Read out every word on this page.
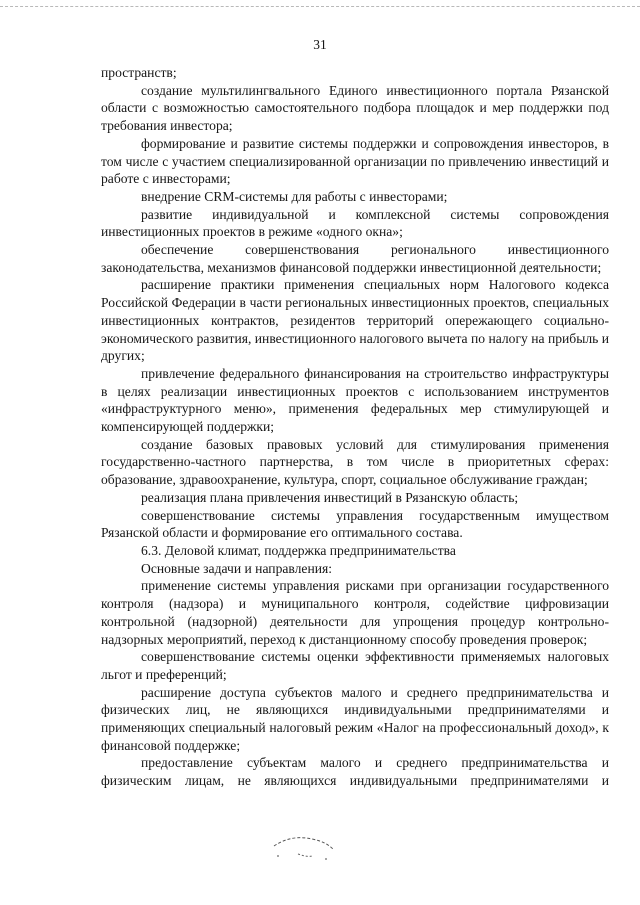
31

пространств;

создание мультилингвального Единого инвестиционного портала Рязанской области с возможностью самостоятельного подбора площадок и мер поддержки под требования инвестора;

формирование и развитие системы поддержки и сопровождения инвесторов, в том числе с участием специализированной организации по привлечению инвестиций и работе с инвесторами;

внедрение CRM-системы для работы с инвесторами;

развитие индивидуальной и комплексной системы сопровождения инвестиционных проектов в режиме «одного окна»;

обеспечение совершенствования регионального инвестиционного законодательства, механизмов финансовой поддержки инвестиционной деятельности;

расширение практики применения специальных норм Налогового кодекса Российской Федерации в части региональных инвестиционных проектов, специальных инвестиционных контрактов, резидентов территорий опережающего социально-экономического развития, инвестиционного налогового вычета по налогу на прибыль и других;

привлечение федерального финансирования на строительство инфраструктуры в целях реализации инвестиционных проектов с использованием инструментов «инфраструктурного меню», применения федеральных мер стимулирующей и компенсирующей поддержки;

создание базовых правовых условий для стимулирования применения государственно-частного партнерства, в том числе в приоритетных сферах: образование, здравоохранение, культура, спорт, социальное обслуживание граждан;

реализация плана привлечения инвестиций в Рязанскую область;

совершенствование системы управления государственным имуществом Рязанской области и формирование его оптимального состава.

6.3. Деловой климат, поддержка предпринимательства

Основные задачи и направления:

применение системы управления рисками при организации государственного контроля (надзора) и муниципального контроля, содействие цифровизации контрольной (надзорной) деятельности для упрощения процедур контрольно-надзорных мероприятий, переход к дистанционному способу проведения проверок;

совершенствование системы оценки эффективности применяемых налоговых льгот и преференций;

расширение доступа субъектов малого и среднего предпринимательства и физических лиц, не являющихся индивидуальными предпринимателями и применяющих специальный налоговый режим «Налог на профессиональный доход», к финансовой поддержке;

предоставление субъектам малого и среднего предпринимательства и физическим лицам, не являющихся индивидуальными предпринимателями и
